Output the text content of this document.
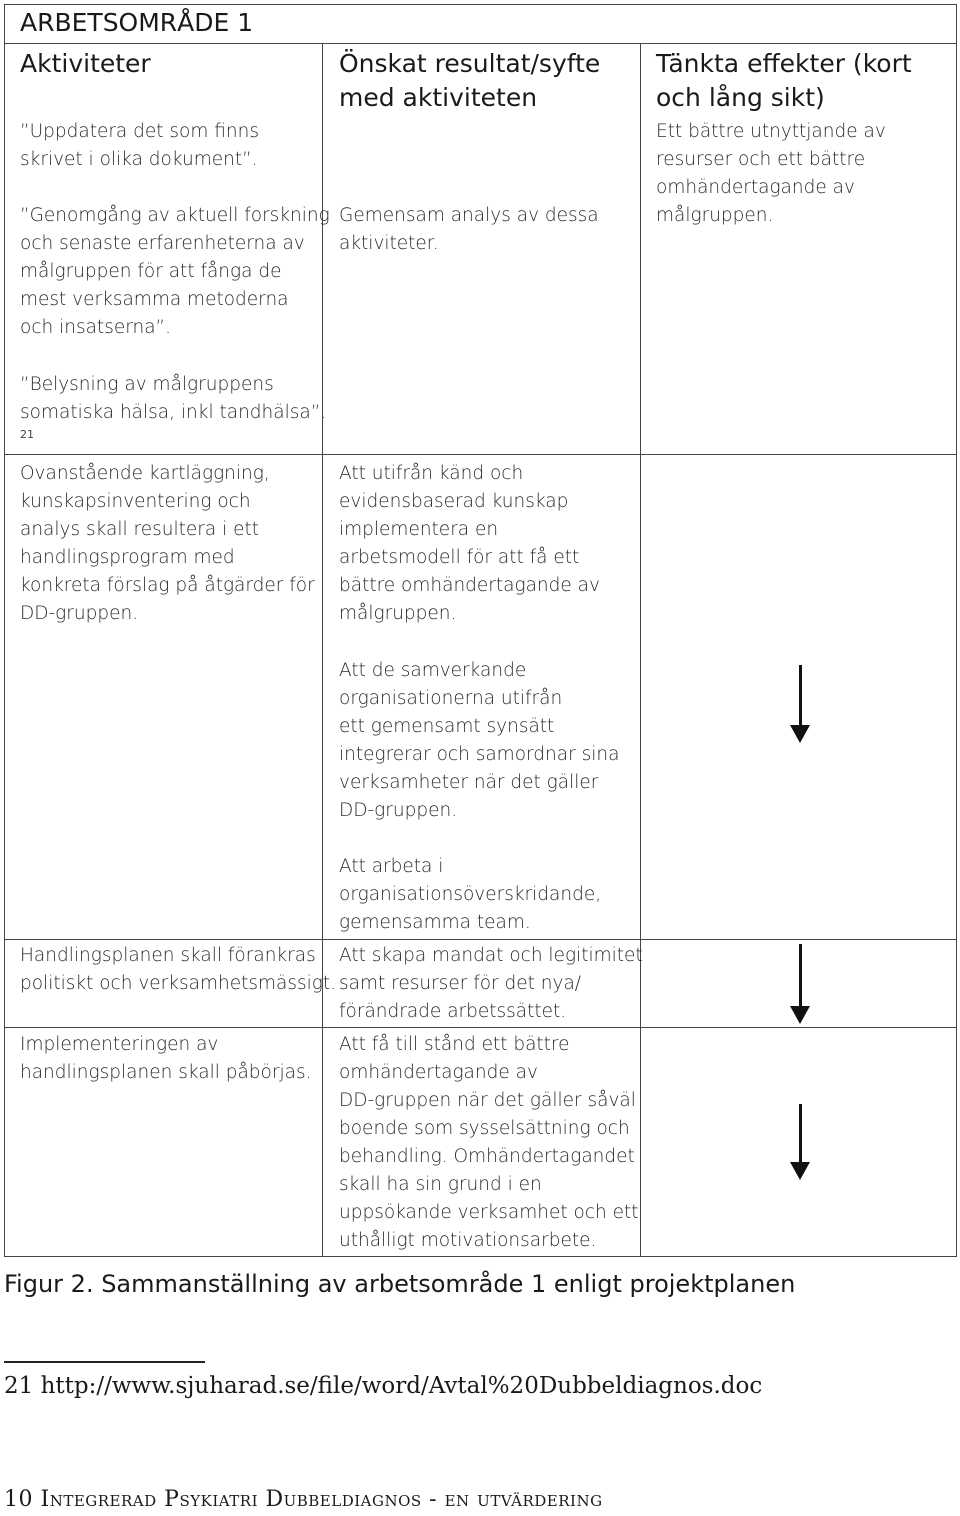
ARBETSOMRÅDE 1
Aktiviteter	Önskat resultat/syfte
med aktiviteten
Tänkta effekter (kort
och lång sikt)
”Uppdatera det som finns
skrivet i olika dokument”.
”Genomgång av aktuell forskning
och senaste erfarenheterna av
målgruppen för att fånga de
mest verksamma metoderna
och insatserna”.
”Belysning av målgruppens
somatiska hälsa, inkl tandhälsa”.
21
Gemensam analys av dessa
aktiviteter.
Ett bättre utnyttjande av
resurser och ett bättre
omhändertagande av
målgruppen.
Ovanstående kartläggning,
kunskapsinventering och
analys skall resultera i ett
handlingsprogram med
konkreta förslag på åtgärder för
DD-gruppen.
Att utifrån känd och
evidensbaserad kunskap
implementera en
arbetsmodell för att få ett
bättre omhändertagande av
målgruppen.
Att de samverkande
organisationerna utifrån
ett gemensamt synsätt
integrerar och samordnar sina
verksamheter när det gäller
DD-gruppen.
Att arbeta i
organisationsöverskridande,
gemensamma team.
Handlingsplanen skall förankras
politiskt och verksamhetsmässigt.
Att skapa mandat och legitimitet
samt resurser för det nya/
förändrade arbetssättet.
Implementeringen av
handlingsplanen skall påbörjas.
Att få till stånd ett bättre
omhändertagande av
DD-gruppen när det gäller såväl
boende som sysselsättning och
behandling. Omhändertagandet
skall ha sin grund i en
uppsökande verksamhet och ett
uthålligt motivationsarbete.
Figur 2. Sammanställning av arbetsområde 1 enligt projektplanen
21 http://www.sjuharad.se/file/word/Avtal%20Dubbeldiagnos.doc
10 Integrerad Psykiatri Dubbeldiagnos - en utvärdering
